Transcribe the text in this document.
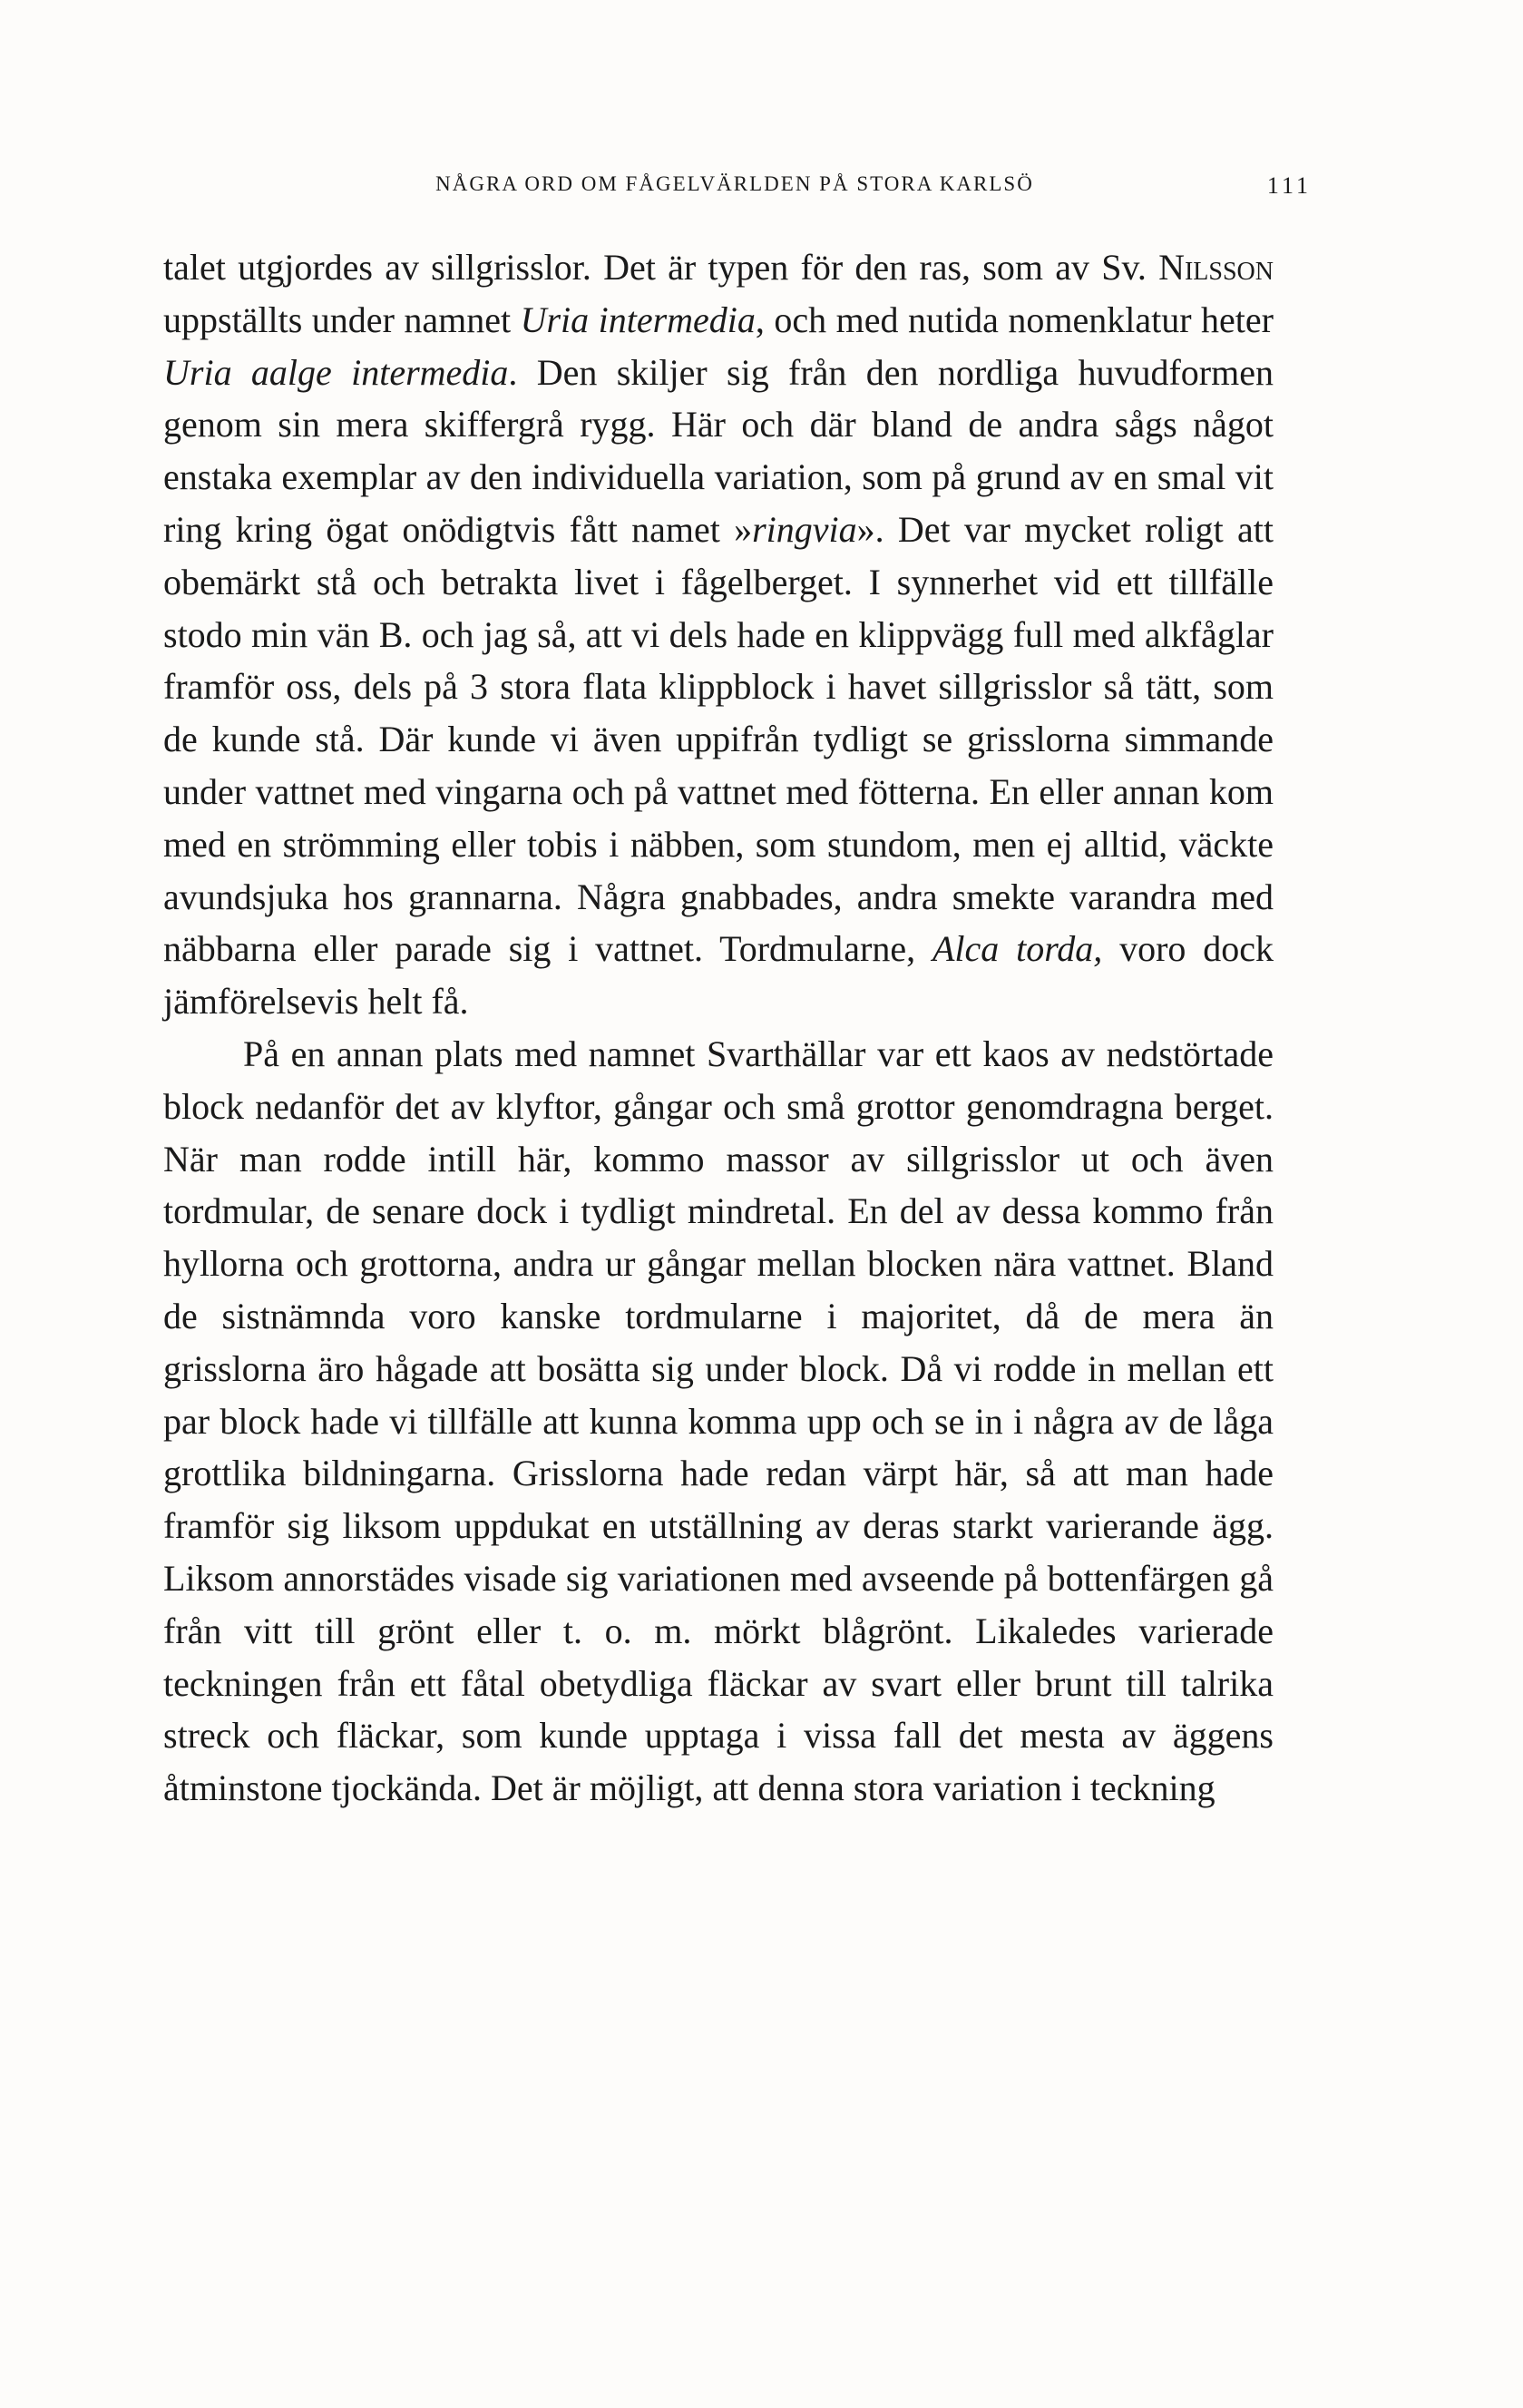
NÅGRA ORD OM FÅGELVÄRLDEN PÅ STORA KARLSÖ	111

talet utgjordes av sillgrisslor. Det är typen för den ras, som av Sv. Nilsson uppställts under namnet Uria intermedia, och med nutida nomenklatur heter Uria aalge intermedia. Den skiljer sig från den nordliga huvudformen genom sin mera skiffergrå rygg. Här och där bland de andra sågs något enstaka exemplar av den individuella variation, som på grund av en smal vit ring kring ögat onödigtvis fått namet »ringvia». Det var mycket roligt att obemärkt stå och betrakta livet i fågelberget. I synnerhet vid ett tillfälle stodo min vän B. och jag så, att vi dels hade en klippvägg full med alkfåglar framför oss, dels på 3 stora flata klippblock i havet sillgrisslor så tätt, som de kunde stå. Där kunde vi även uppifrån tydligt se grisslorna simmande under vattnet med vingarna och på vattnet med fötterna. En eller annan kom med en strömming eller tobis i näbben, som stundom, men ej alltid, väckte avundsjuka hos grannarna. Några gnabbades, andra smekte varandra med näbbarna eller parade sig i vattnet. Tordmularne, Alca torda, voro dock jämförelsevis helt få.

På en annan plats med namnet Svarthällar var ett kaos av nedstörtade block nedanför det av klyftor, gångar och små grottor genomdragna berget. När man rodde intill här, kommo massor av sillgrisslor ut och även tordmular, de senare dock i tydligt mindretal. En del av dessa kommo från hyllorna och grottorna, andra ur gångar mellan blocken nära vattnet. Bland de sistnämnda voro kanske tordmularne i majoritet, då de mera än grisslorna äro hågade att bosätta sig under block. Då vi rodde in mellan ett par block hade vi tillfälle att kunna komma upp och se in i några av de låga grottlika bildningarna. Grisslorna hade redan värpt här, så att man hade framför sig liksom uppdukat en utställning av deras starkt varierande ägg. Liksom annorstädes visade sig variationen med avseende på bottenfärgen gå från vitt till grönt eller t. o. m. mörkt blågrönt. Likaledes varierade teckningen från ett fåtal obetydliga fläckar av svart eller brunt till talrika streck och fläckar, som kunde upptaga i vissa fall det mesta av äggens åtminstone tjockända. Det är möjligt, att denna stora variation i teckning
